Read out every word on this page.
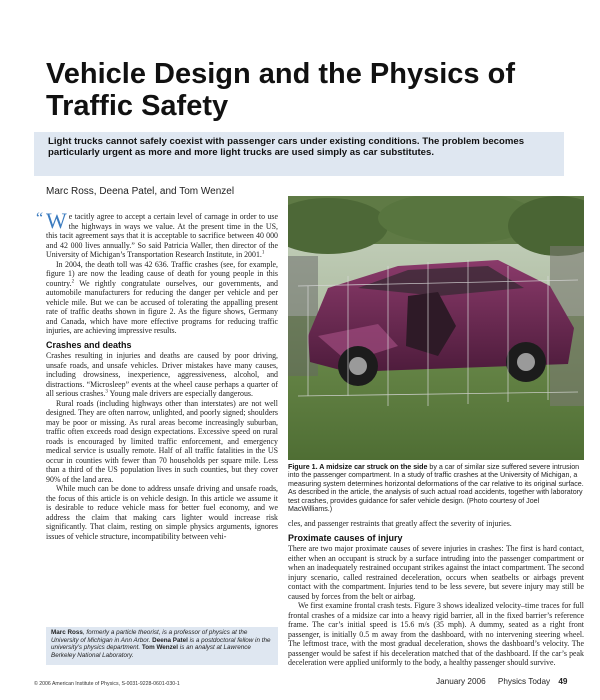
Vehicle Design and the Physics of Traffic Safety
Light trucks cannot safely coexist with passenger cars under existing conditions. The problem becomes particularly urgent as more and more light trucks are used simply as car substitutes.
Marc Ross, Deena Patel, and Tom Wenzel

“ W e tacitly agree to accept a certain level of carnage in order to use the highways in ways we value. At the present time in the US, this tacit agreement says that it is acceptable to sacrifice between 40 000 and 42 000 lives annually.” So said Patricia Waller, then director of the University of Michigan’s Transportation Research Institute, in 2001.$^1$

In 2004, the death toll was 42 636. Traffic crashes (see, for example, figure 1) are now the leading cause of death for young people in this country.$^2$ We rightly congratulate ourselves, our governments, and automobile manufacturers for reducing the danger per vehicle and per vehicle mile. But we can be accused of tolerating the appalling present rate of traffic deaths shown in figure 2. As the figure shows, Germany and Canada, which have more effective programs for reducing traffic injuries, are achieving impressive results.

Crashes and deaths

Crashes resulting in injuries and deaths are caused by poor driving, unsafe roads, and unsafe vehicles. Driver mistakes have many causes, including drowsiness, inexperience, aggressiveness, alcohol, and distractions. “Microsleep” events at the wheel cause perhaps a quarter of all serious crashes.$^3$ Young male drivers are especially dangerous.

Rural roads (including highways other than interstates) are not well designed. They are often narrow, unlighted, and poorly signed; shoulders may be poor or missing. As rural areas become increasingly suburban, traffic often exceeds road design expectations. Excessive speed on rural roads is encouraged by limited traffic enforcement, and emergency medical service is usually remote. Half of all traffic fatalities in the US occur in counties with fewer than 70 households per square mile. Less than a third of the US population lives in such counties, but they cover 90% of the land area.

While much can be done to address unsafe driving and unsafe roads, the focus of this article is on vehicle design. In this article we assume it is desirable to reduce vehicle mass for better fuel economy, and we address the claim that making cars lighter would increase risk significantly. That claim, resting on simple physics arguments, ignores issues of vehicle structure, incompatibility between vehi-

Marc Ross, formerly a particle theorist, is a professor of physics at the University of Michigan in Ann Arbor. Deena Patel is a postdoctoral fellow in the university’s physics department. Tom Wenzel is an analyst at Lawrence Berkeley National Laboratory.
Figure 1. A midsize car struck on the side by a car of similar size suffered severe intrusion into the passenger compartment. In a study of traffic crashes at the University of Michigan, a measuring system determines horizontal deformations of the car relative to its original surface. As described in the article, the analysis of such actual road accidents, together with laboratory test crashes, provides guidance for safer vehicle design. (Photo courtesy of Joel MacWilliams.)

cles, and passenger restraints that greatly affect the severity of injuries.

Proximate causes of injury

There are two major proximate causes of severe injuries in crashes: The first is hard contact, either when an occupant is struck by a surface intruding into the passenger compartment or when an inadequately restrained occupant strikes against the intact compartment. The second injury scenario, called restrained deceleration, occurs when seatbelts or airbags prevent contact with the compartment. Injuries tend to be less severe, but severe injury may still be caused by forces from the belt or airbag.

We first examine frontal crash tests. Figure 3 shows idealized velocity–time traces for full frontal crashes of a midsize car into a heavy rigid barrier, all in the fixed barrier’s reference frame. The car’s initial speed is 15.6 m/s (35 mph). A dummy, seated as a right front passenger, is initially 0.5 m away from the dashboard, with no intervening steering wheel. The leftmost trace, with the most gradual deceleration, shows the dashboard’s velocity. The passenger would be safest if his deceleration matched that of the dashboard. If the car’s peak deceleration were applied uniformly to the body, a healthy passenger should survive.

© 2006 American Institute of Physics, S-0031-9228-0601-030-1	January 2006 Physics Today 49
